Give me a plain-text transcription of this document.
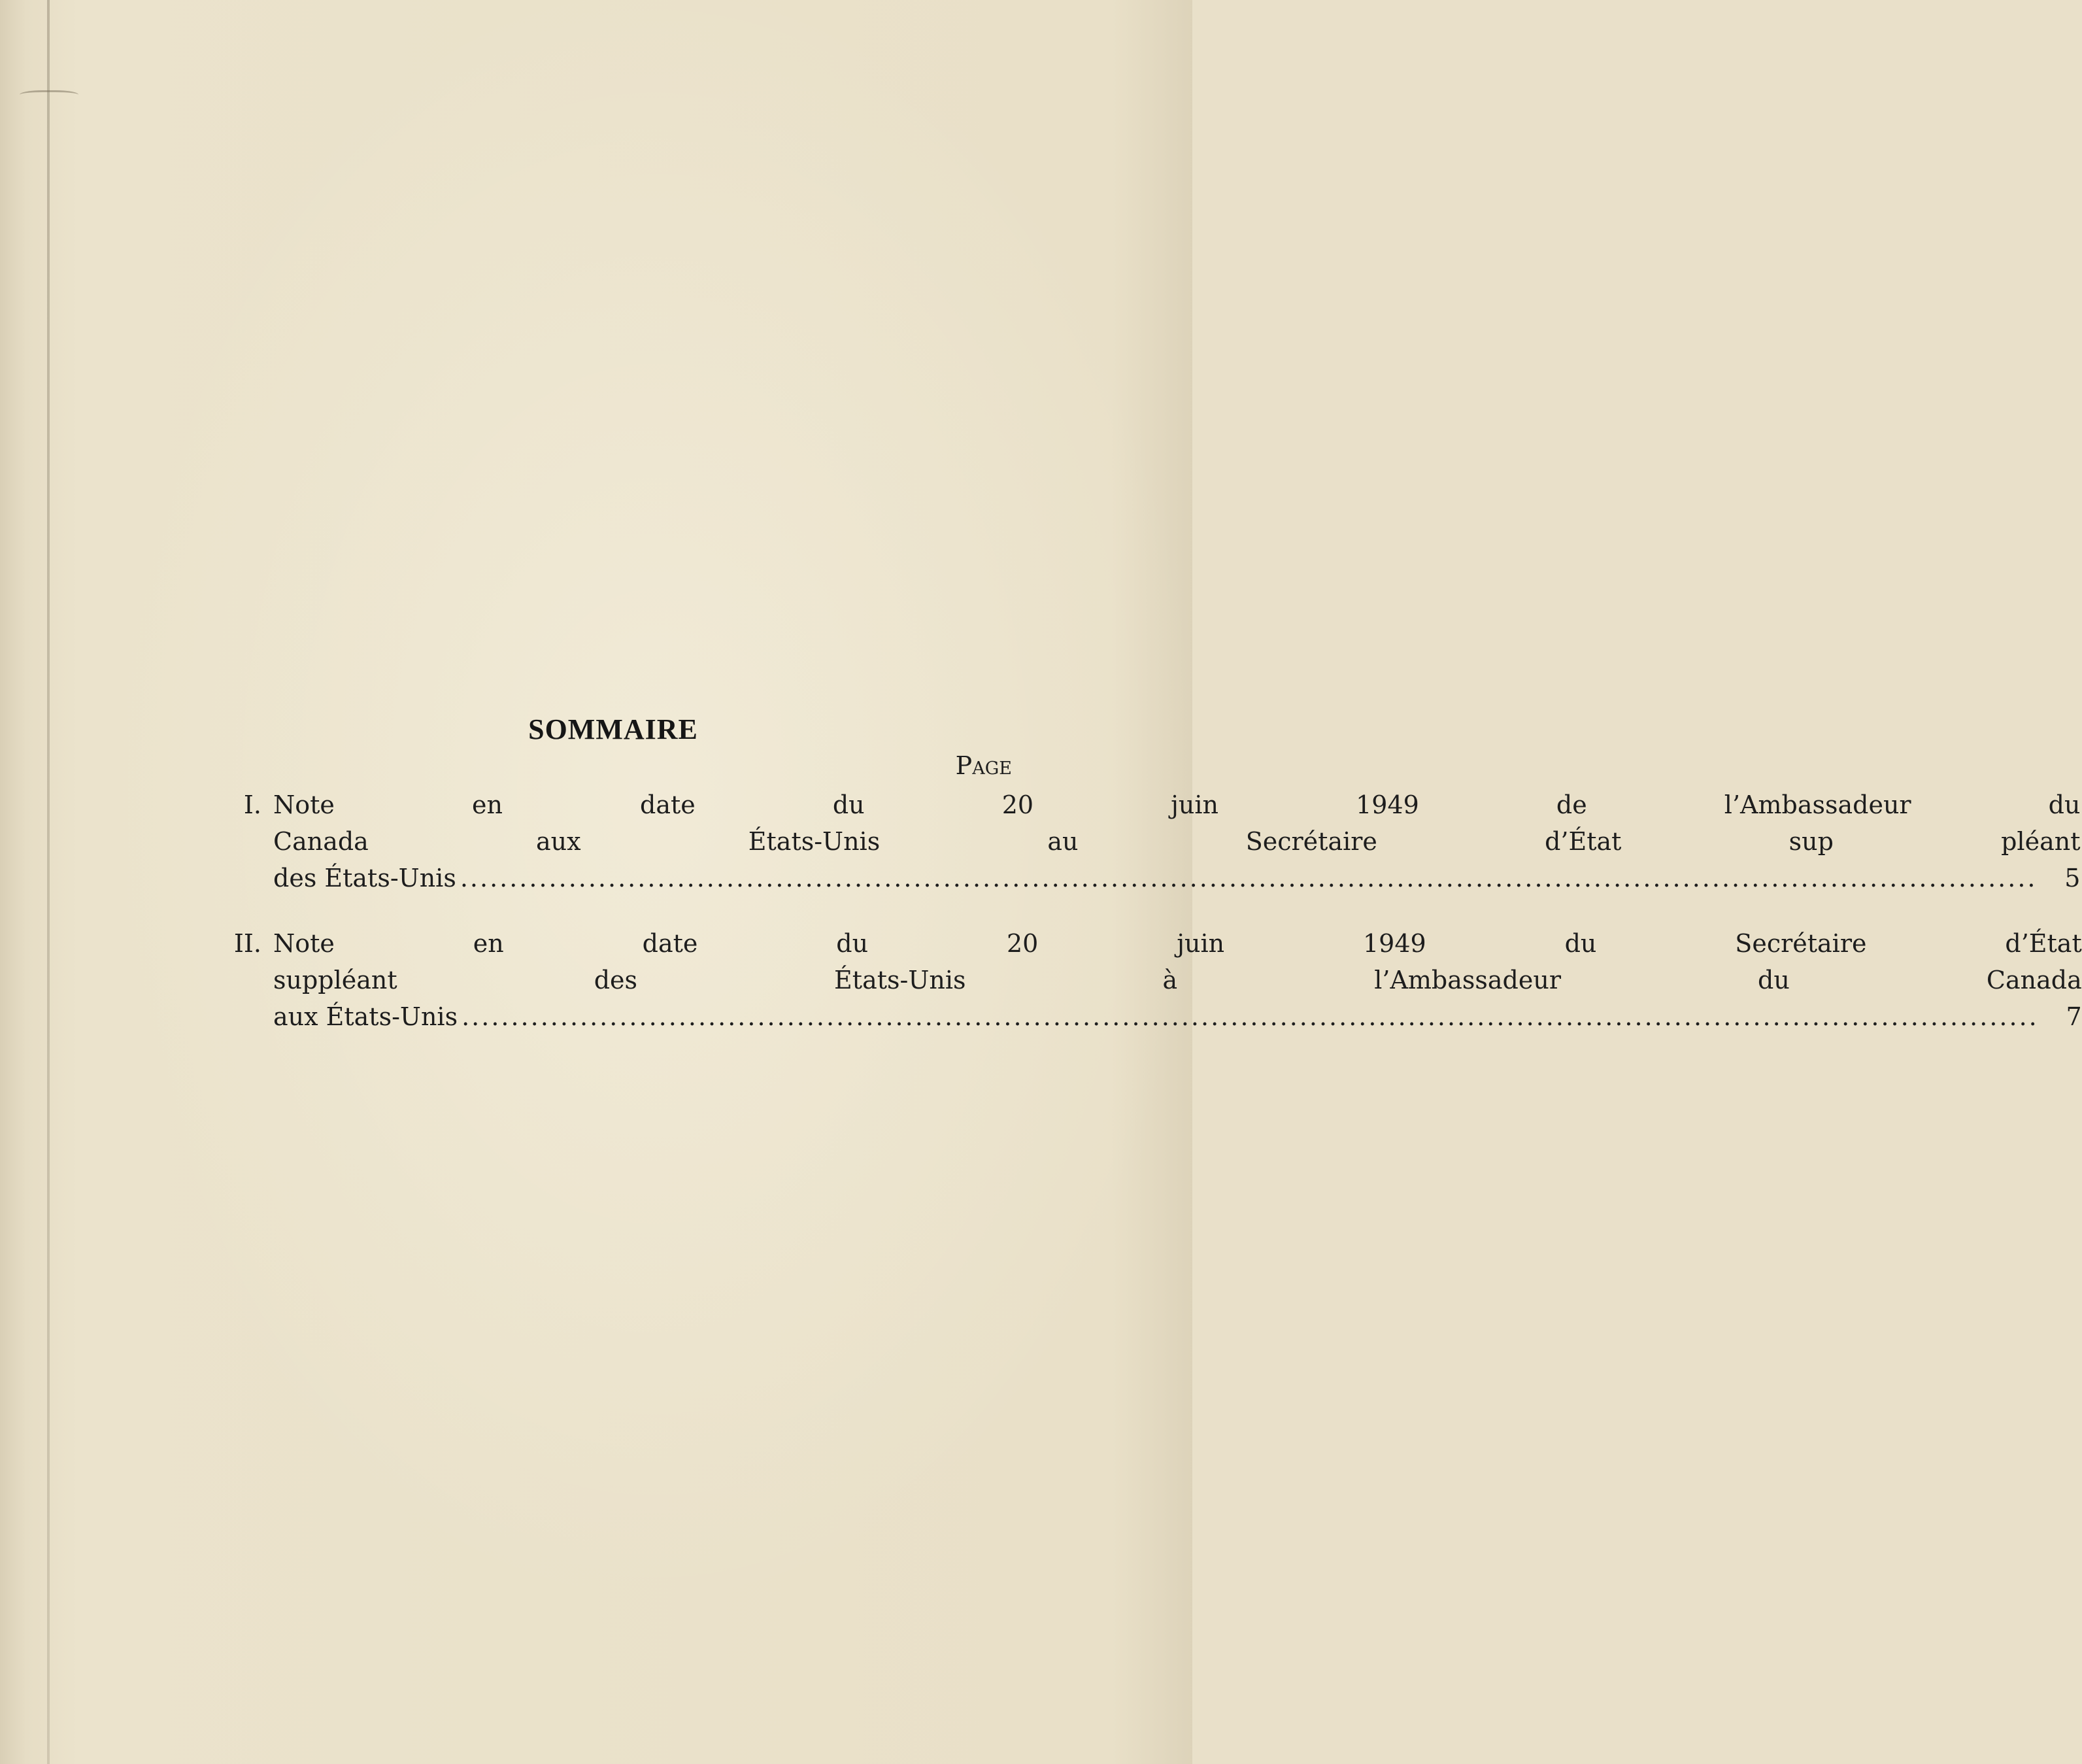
SOMMAIRE
Page
I. Note en date du 20 juin 1949 de l’Ambassadeur du
Canada aux États-Unis au Secrétaire d’État sup pléant
des États-Unis .....	5
II. Note en date du 20 juin 1949 du Secrétaire d’État
suppléant des États-Unis à l’Ambassadeur du Canada
aux États-Unis .....	7
